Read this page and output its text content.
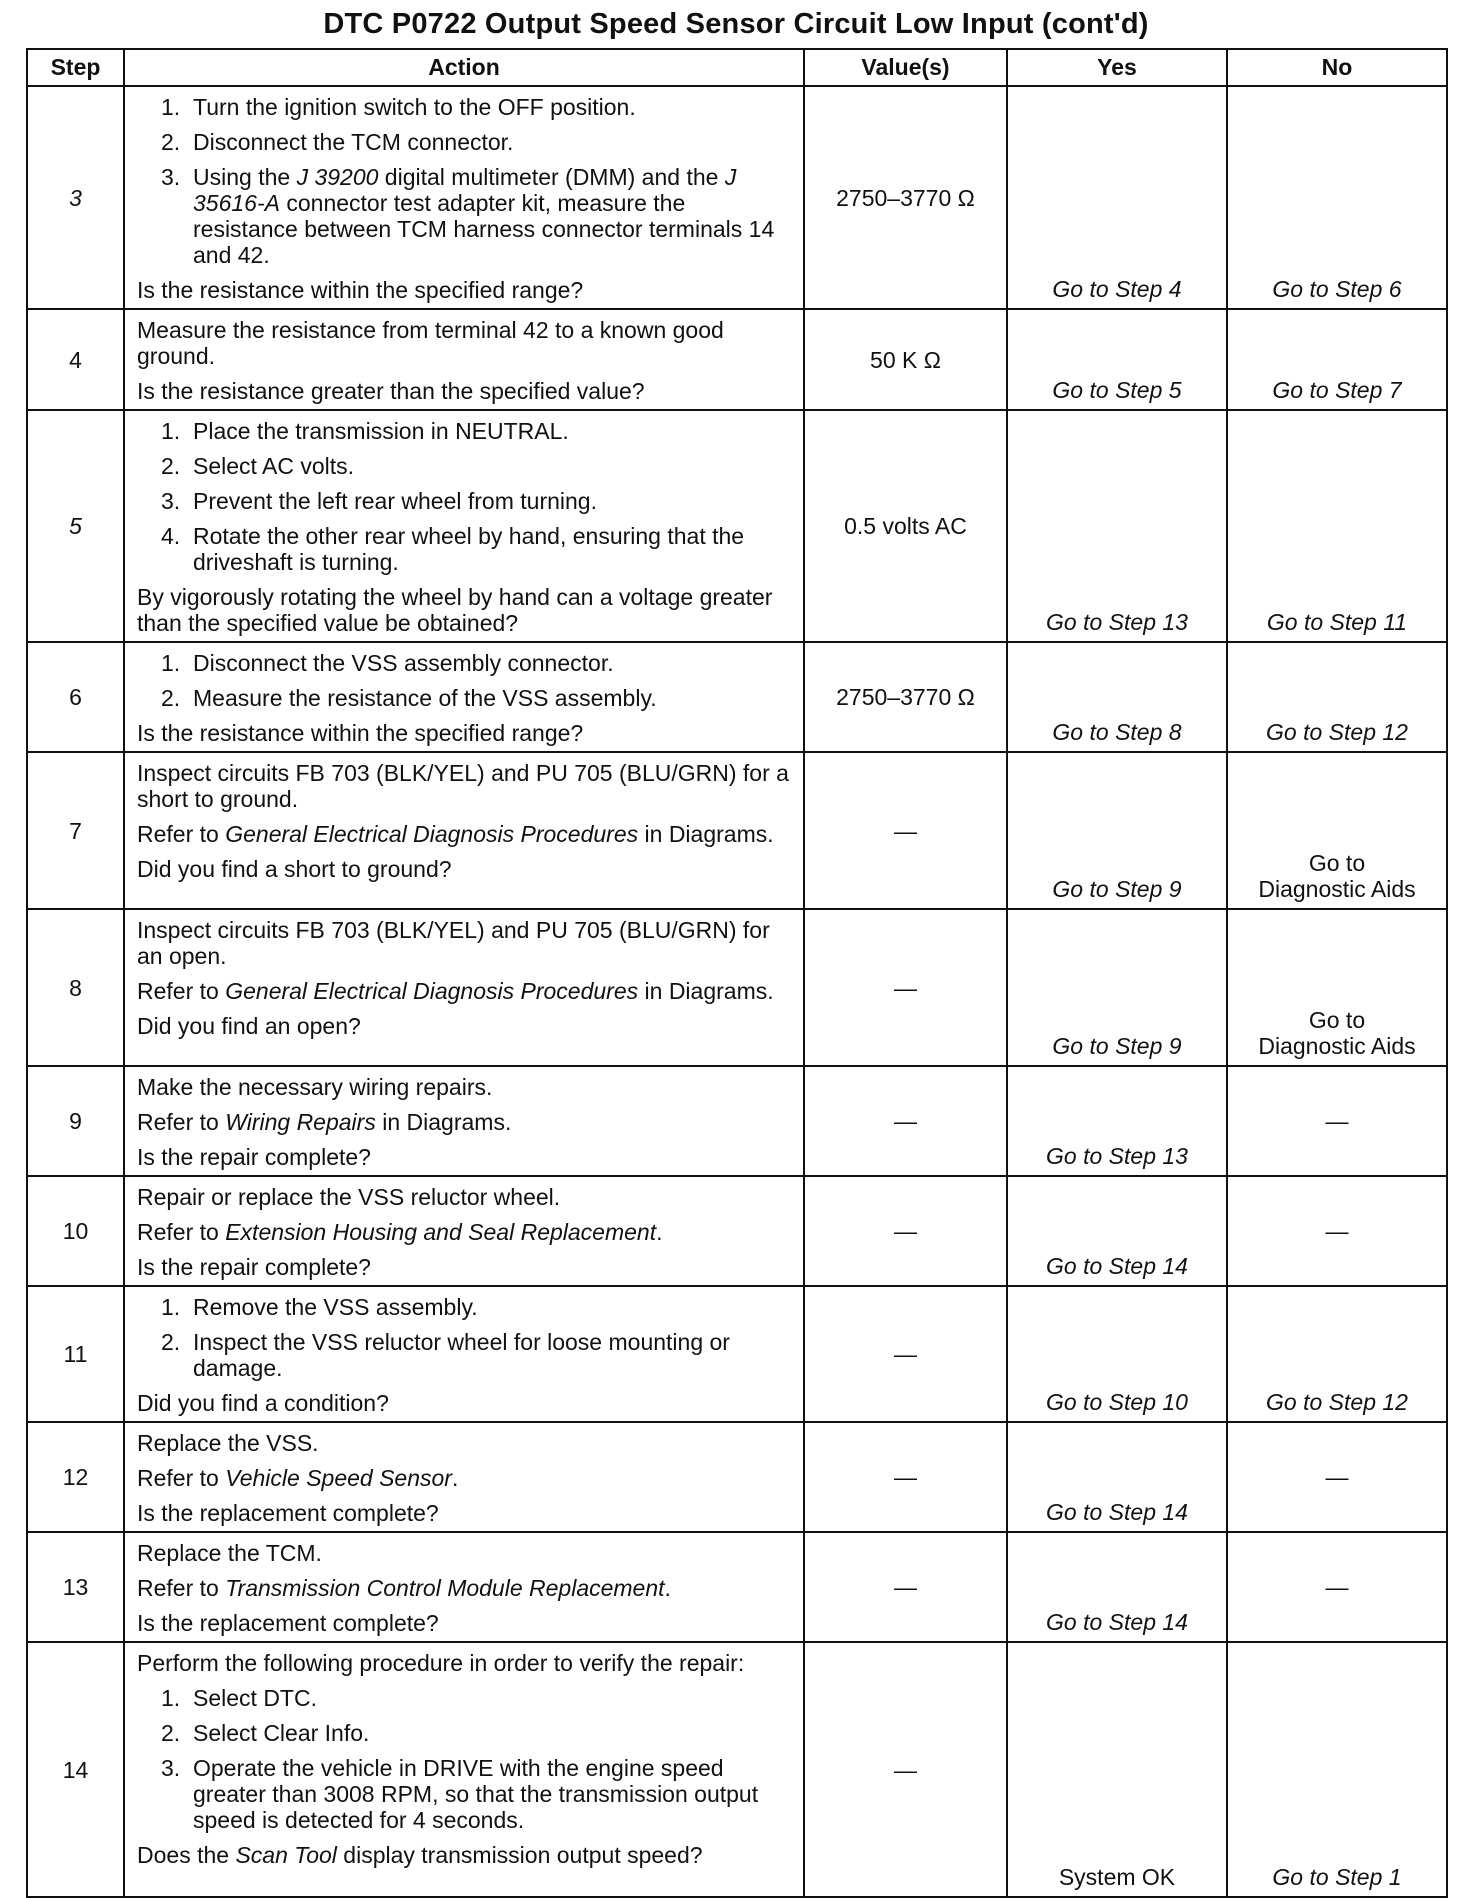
DTC P0722 Output Speed Sensor Circuit Low Input (cont'd)
Step	Action	Value(s)	Yes	No
3	1. Turn the ignition switch to the OFF position.
2. Disconnect the TCM connector.
3. Using the J 39200 digital multimeter (DMM) and the J 35616-A connector test adapter kit, measure the resistance between TCM harness connector terminals 14 and 42.
Is the resistance within the specified range?	2750–3770 Ω	Go to Step 4	Go to Step 6
4	Measure the resistance from terminal 42 to a known good ground.
Is the resistance greater than the specified value?	50 K Ω	Go to Step 5	Go to Step 7
5	1. Place the transmission in NEUTRAL.
2. Select AC volts.
3. Prevent the left rear wheel from turning.
4. Rotate the other rear wheel by hand, ensuring that the driveshaft is turning.
By vigorously rotating the wheel by hand can a voltage greater than the specified value be obtained?	0.5 volts AC	Go to Step 13	Go to Step 11
6	1. Disconnect the VSS assembly connector.
2. Measure the resistance of the VSS assembly.
Is the resistance within the specified range?	2750–3770 Ω	Go to Step 8	Go to Step 12
7	Inspect circuits FB 703 (BLK/YEL) and PU 705 (BLU/GRN) for a short to ground.
Refer to General Electrical Diagnosis Procedures in Diagrams.
Did you find a short to ground?	—	Go to Step 9	Go to
Diagnostic Aids

8	Inspect circuits FB 703 (BLK/YEL) and PU 705 (BLU/GRN) for an open.
Refer to General Electrical Diagnosis Procedures in Diagrams.
Did you find an open?	—	Go to Step 9	Go to
Diagnostic Aids

9	Make the necessary wiring repairs.
Refer to Wiring Repairs in Diagrams.
Is the repair complete?	—	Go to Step 13	—
10	Repair or replace the VSS reluctor wheel.
Refer to Extension Housing and Seal Replacement.
Is the repair complete?	—	Go to Step 14	—
11	1. Remove the VSS assembly.
2. Inspect the VSS reluctor wheel for loose mounting or damage.
Did you find a condition?	—	Go to Step 10	Go to Step 12
12	Replace the VSS.
Refer to Vehicle Speed Sensor.
Is the replacement complete?	—	Go to Step 14	—
13	Replace the TCM.
Refer to Transmission Control Module Replacement.
Is the replacement complete?	—	Go to Step 14	—
14	Perform the following procedure in order to verify the repair:
1. Select DTC.
2. Select Clear Info.
3. Operate the vehicle in DRIVE with the engine speed greater than 3008 RPM, so that the transmission output speed is detected for 4 seconds.
Does the Scan Tool display transmission output speed?	—	System OK	Go to Step 1
